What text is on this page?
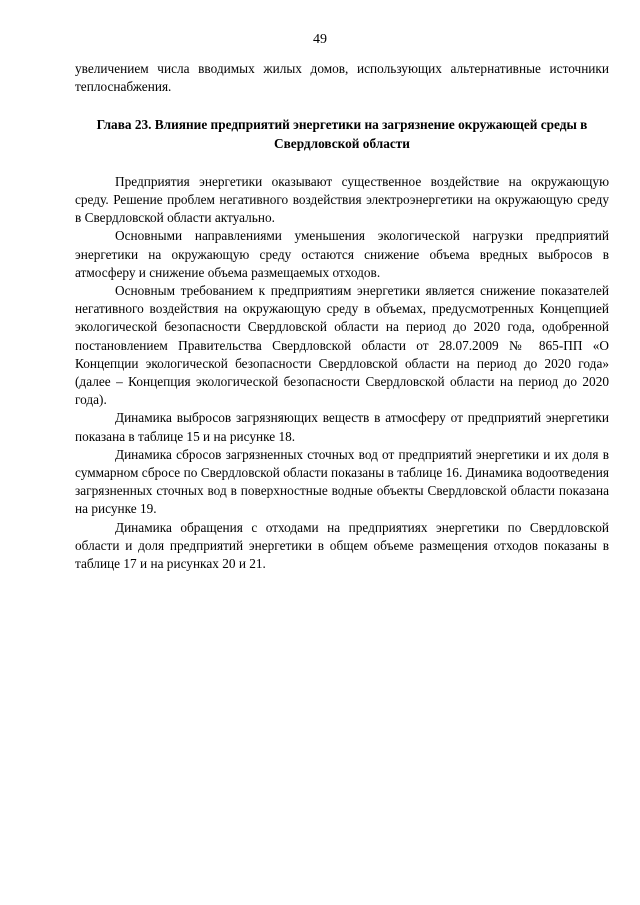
49

увеличением числа вводимых жилых домов, использующих альтернативные источники теплоснабжения.

Глава 23. Влияние предприятий энергетики на загрязнение окружающей среды в Свердловской области

Предприятия энергетики оказывают существенное воздействие на окружающую среду. Решение проблем негативного воздействия электроэнергетики на окружающую среду в Свердловской области актуально.

Основными направлениями уменьшения экологической нагрузки предприятий энергетики на окружающую среду остаются снижение объема вредных выбросов в атмосферу и снижение объема размещаемых отходов.

Основным требованием к предприятиям энергетики является снижение показателей негативного воздействия на окружающую среду в объемах, предусмотренных Концепцией экологической безопасности Свердловской области на период до 2020 года, одобренной постановлением Правительства Свердловской области от 28.07.2009 № 865-ПП «О Концепции экологической безопасности Свердловской области на период до 2020 года» (далее – Концепция экологической безопасности Свердловской области на период до 2020 года).

Динамика выбросов загрязняющих веществ в атмосферу от предприятий энергетики показана в таблице 15 и на рисунке 18.

Динамика сбросов загрязненных сточных вод от предприятий энергетики и их доля в суммарном сбросе по Свердловской области показаны в таблице 16. Динамика водоотведения загрязненных сточных вод в поверхностные водные объекты Свердловской области показана на рисунке 19.

Динамика обращения с отходами на предприятиях энергетики по Свердловской области и доля предприятий энергетики в общем объеме размещения отходов показаны в таблице 17 и на рисунках 20 и 21.
